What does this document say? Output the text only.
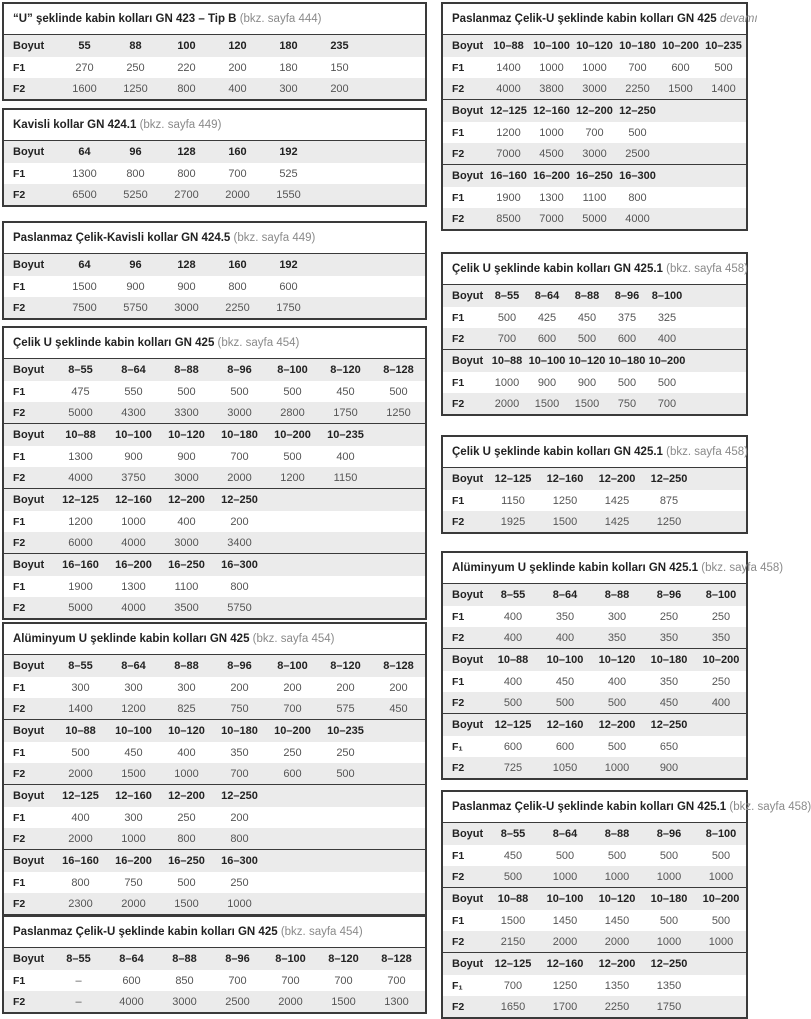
“U” şeklinde kabin kolları GN 423 – Tip B (bkz. sayfa 444)
Boyut	55	88	100	120	180	235
F1	270	250	220	200	180	150
F2	1600	1250	800	400	300	200
Kavisli kollar GN 424.1 (bkz. sayfa 449)
Boyut	64	96	128	160	192
F1	1300	800	800	700	525
F2	6500	5250	2700	2000	1550
Paslanmaz Çelik-Kavisli kollar GN 424.5 (bkz. sayfa 449)
Boyut	64	96	128	160	192
F1	1500	900	900	800	600
F2	7500	5750	3000	2250	1750
Çelik U şeklinde kabin kolları GN 425 (bkz. sayfa 454)
Boyut	8–55	8–64	8–88	8–96	8–100	8–120	8–128
F1	475	550	500	500	500	450	500
F2	5000	4300	3300	3000	2800	1750	1250
Boyut	10–88	10–100	10–120	10–180	10–200	10–235
F1	1300	900	900	700	500	400
F2	4000	3750	3000	2000	1200	1150
Boyut	12–125	12–160	12–200	12–250
F1	1200	1000	400	200
F2	6000	4000	3000	3400
Boyut	16–160	16–200	16–250	16–300
F1	1900	1300	1100	800
F2	5000	4000	3500	5750
Alüminyum U şeklinde kabin kolları GN 425 (bkz. sayfa 454)
Boyut	8–55	8–64	8–88	8–96	8–100	8–120	8–128
F1	300	300	300	200	200	200	200
F2	1400	1200	825	750	700	575	450
Boyut	10–88	10–100	10–120	10–180	10–200	10–235
F1	500	450	400	350	250	250
F2	2000	1500	1000	700	600	500
Boyut	12–125	12–160	12–200	12–250
F1	400	300	250	200
F2	2000	1000	800	800
Boyut	16–160	16–200	16–250	16–300
F1	800	750	500	250
F2	2300	2000	1500	1000
Paslanmaz Çelik-U şeklinde kabin kolları GN 425 (bkz. sayfa 454)
Boyut	8–55	8–64	8–88	8–96	8–100	8–120	8–128
F1	–	600	850	700	700	700	700
F2	–	4000	3000	2500	2000	1500	1300
Paslanmaz Çelik-U şeklinde kabin kolları GN 425 devamı
Boyut 10–88 10–100 10–120 10–180 10–200 10–235
F1	1400	1000	1000	700	600	500
F2	4000	3800	3000	2250	1500	1400
Boyut 12–125 12–160 12–200 12–250
F1	1200	1000	700	500
F2	7000	4500	3000	2500
Boyut 16–160 16–200 16–250 16–300
F1	1900	1300	1100	800
F2	8500	7000	5000	4000
Çelik U şeklinde kabin kolları GN 425.1 (bkz. sayfa 458)
Boyut	8–55	8–64	8–88	8–96	8–100
F1	500	425	450	375	325
F2	700	600	500	600	400
Boyut 10–88 10–100 10–120 10–180 10–200
F1	1000	900	900	500	500
F2	2000	1500	1500	750	700
Çelik U şeklinde kabin kolları GN 425.1 (bkz. sayfa 458)
Boyut	12–125	12–160	12–200	12–250
F1	1150	1250	1425	875
F2	1925	1500	1425	1250
Alüminyum U şeklinde kabin kolları GN 425.1 (bkz. sayfa 458)
Boyut	8–55	8–64	8–88	8–96	8–100
F1	400	350	300	250	250
F2	400	400	350	350	350
Boyut	10–88	10–100	10–120	10–180	10–200
F1	400	450	400	350	250
F2	500	500	500	450	400
Boyut	12–125	12–160	12–200	12–250
F₁	600	600	500	650
F2	725	1050	1000	900
Paslanmaz Çelik-U şeklinde kabin kolları GN 425.1 (bkz. sayfa 458)
Boyut	8–55	8–64	8–88	8–96	8–100
F1	450	500	500	500	500
F2	500	1000	1000	1000	1000
Boyut	10–88	10–100	10–120	10–180	10–200
F1	1500	1450	1450	500	500
F2	2150	2000	2000	1000	1000
Boyut	12–125	12–160	12–200	12–250
F₁	700	1250	1350	1350
F2	1650	1700	2250	1750
